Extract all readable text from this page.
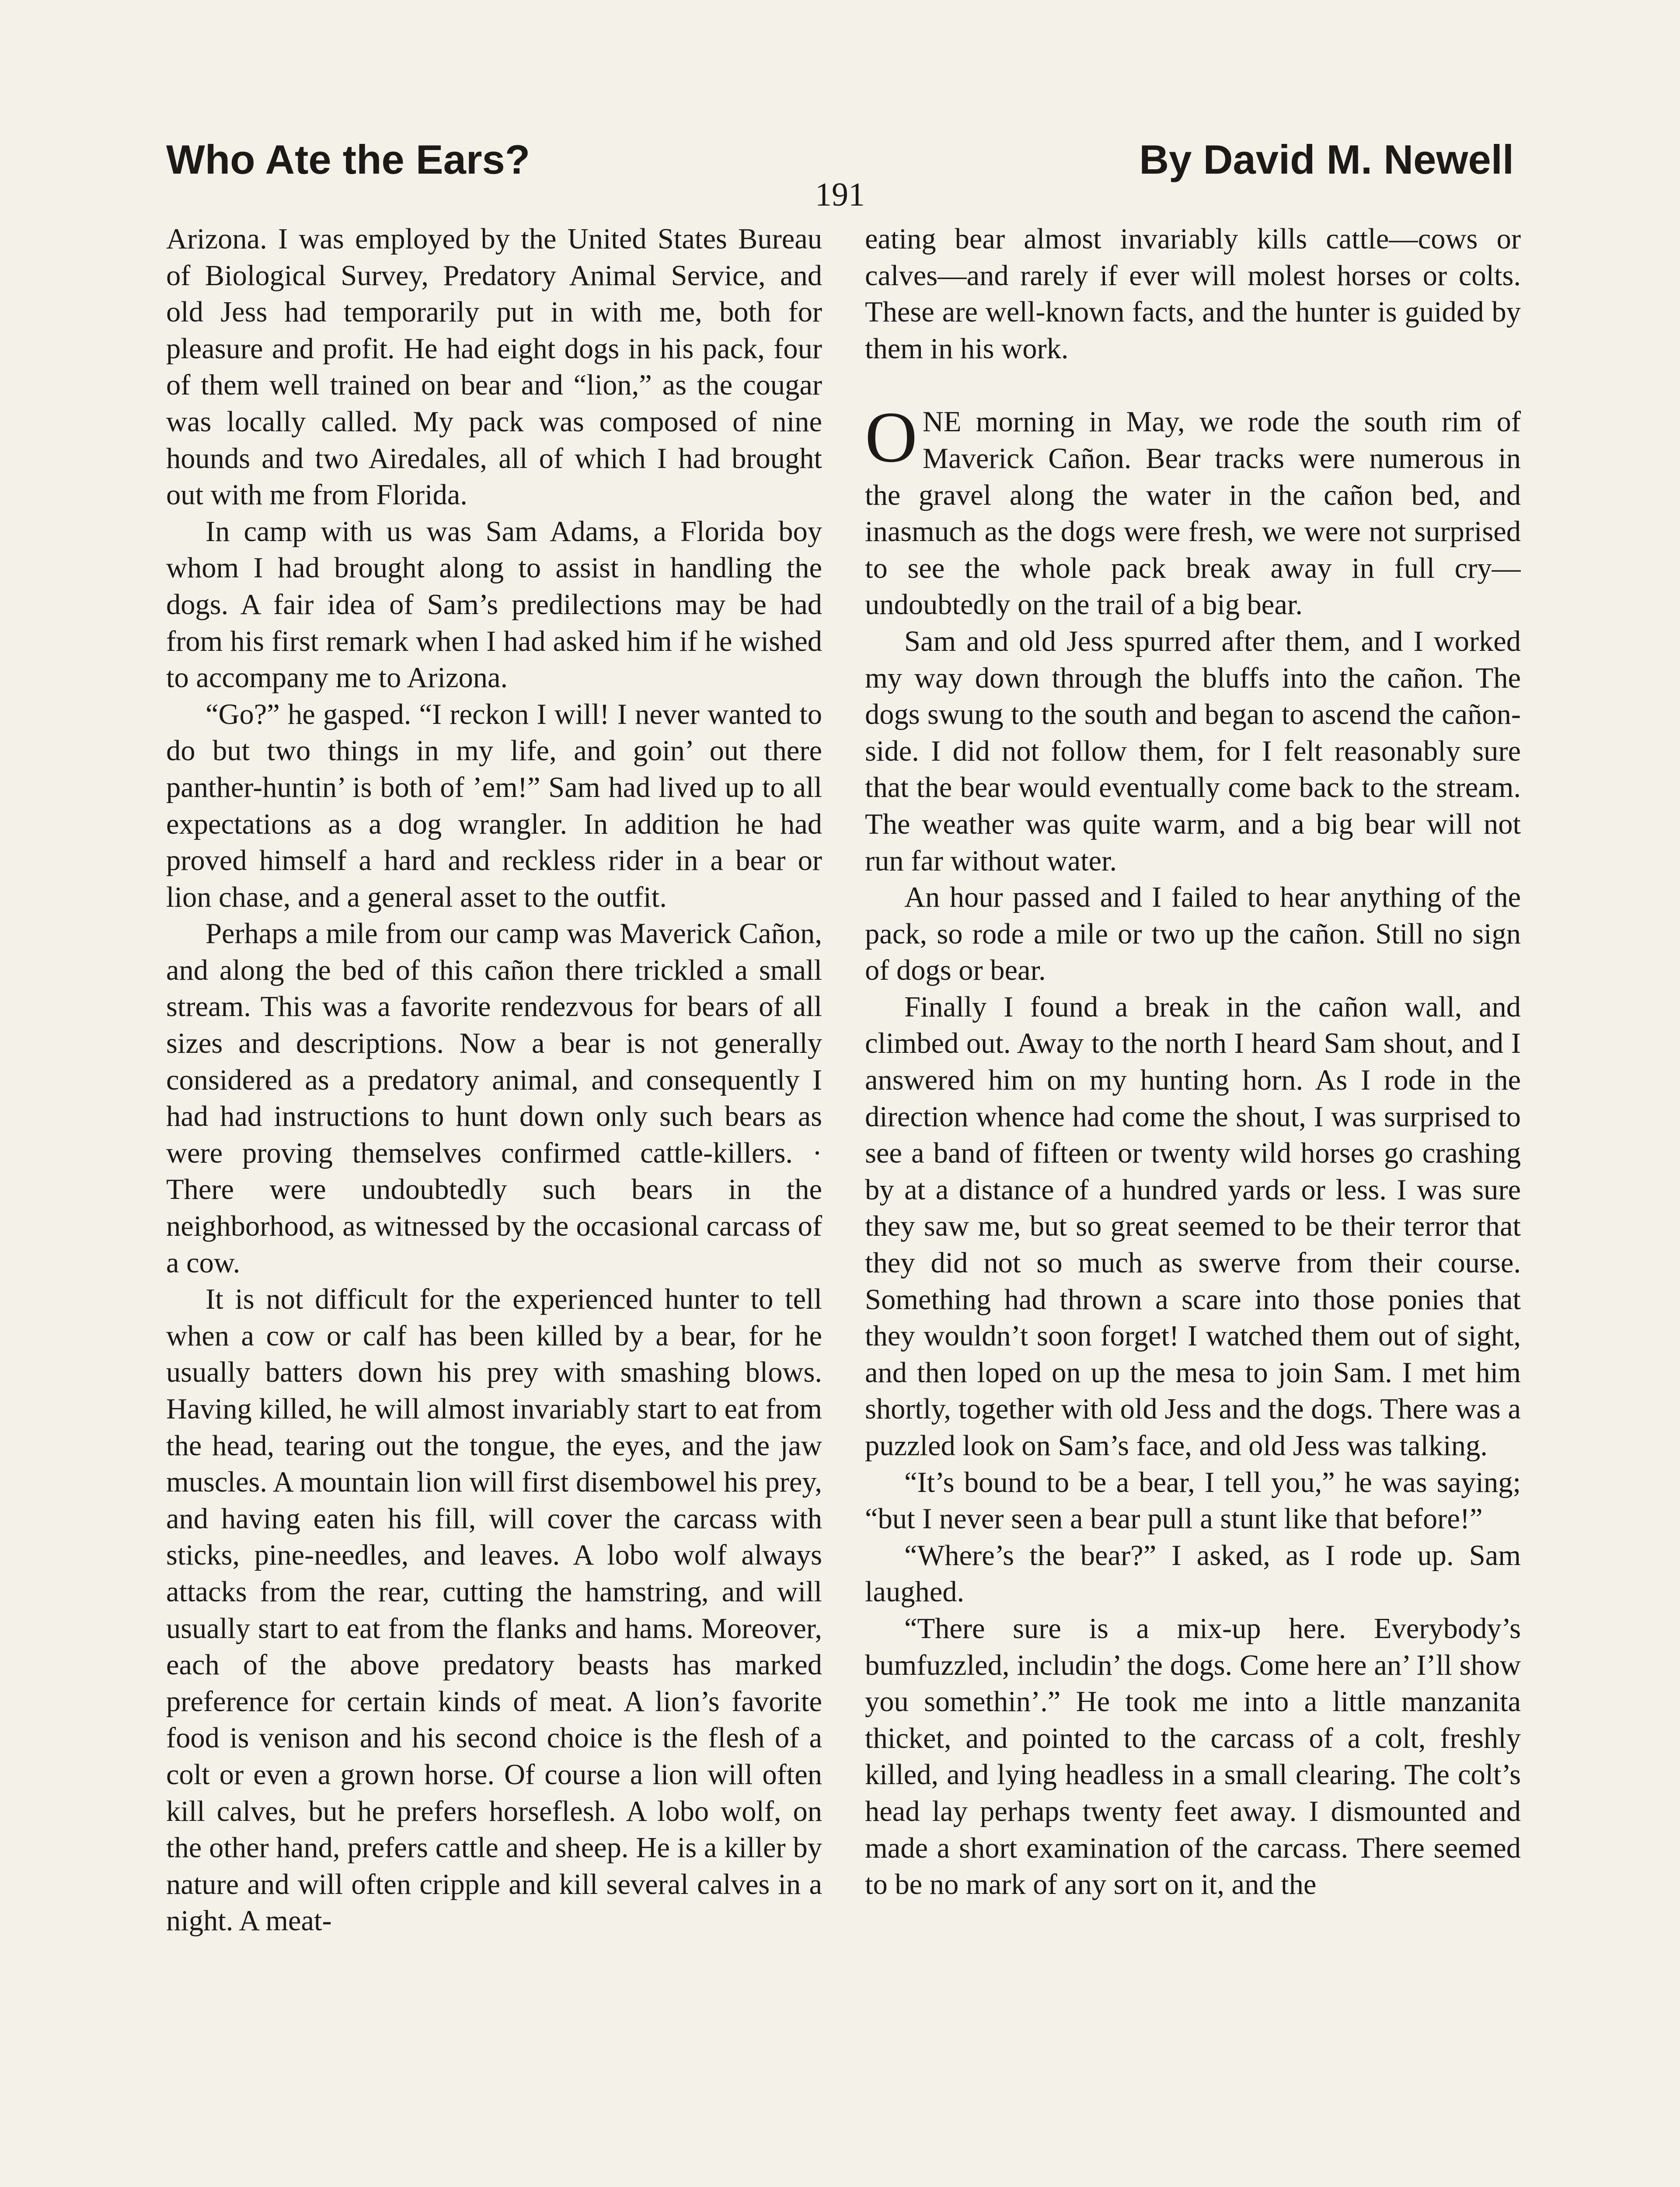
Who Ate the Ears?	By David M. Newell
191

Arizona. I was employed by the United States Bureau of Biological Survey, Predatory Animal Service, and old Jess had temporarily put in with me, both for pleasure and profit. He had eight dogs in his pack, four of them well trained on bear and “lion,” as the cougar was locally called. My pack was composed of nine hounds and two Airedales, all of which I had brought out with me from Florida.

In camp with us was Sam Adams, a Florida boy whom I had brought along to assist in handling the dogs. A fair idea of Sam’s predilections may be had from his first remark when I had asked him if he wished to accompany me to Arizona.

“Go?” he gasped. “I reckon I will! I never wanted to do but two things in my life, and goin’ out there panther-huntin’ is both of ’em!” Sam had lived up to all expectations as a dog wrangler. In addition he had proved himself a hard and reckless rider in a bear or lion chase, and a general asset to the outfit.

Perhaps a mile from our camp was Maverick Cañon, and along the bed of this cañon there trickled a small stream. This was a favorite rendezvous for bears of all sizes and descriptions. Now a bear is not generally considered as a predatory animal, and consequently I had had instructions to hunt down only such bears as were proving themselves confirmed cattle-killers. · There were undoubtedly such bears in the neighborhood, as witnessed by the occasional carcass of a cow.

It is not difficult for the experienced hunter to tell when a cow or calf has been killed by a bear, for he usually batters down his prey with smashing blows. Having killed, he will almost invariably start to eat from the head, tearing out the tongue, the eyes, and the jaw muscles. A mountain lion will first disembowel his prey, and having eaten his fill, will cover the carcass with sticks, pine-needles, and leaves. A lobo wolf always attacks from the rear, cutting the hamstring, and will usually start to eat from the flanks and hams. Moreover, each of the above predatory beasts has marked preference for certain kinds of meat. A lion’s favorite food is venison and his second choice is the flesh of a colt or even a grown horse. Of course a lion will often kill calves, but he prefers horseflesh. A lobo wolf, on the other hand, prefers cattle and sheep. He is a killer by nature and will often cripple and kill several calves in a night. A meat-

eating bear almost invariably kills cattle—cows or calves—and rarely if ever will molest horses or colts. These are well-known facts, and the hunter is guided by them in his work.

ONE morning in May, we rode the south rim of Maverick Cañon. Bear tracks were numerous in the gravel along the water in the cañon bed, and inasmuch as the dogs were fresh, we were not surprised to see the whole pack break away in full cry—undoubtedly on the trail of a big bear.

Sam and old Jess spurred after them, and I worked my way down through the bluffs into the cañon. The dogs swung to the south and began to ascend the cañon-side. I did not follow them, for I felt reasonably sure that the bear would eventually come back to the stream. The weather was quite warm, and a big bear will not run far without water.

An hour passed and I failed to hear anything of the pack, so rode a mile or two up the cañon. Still no sign of dogs or bear.

Finally I found a break in the cañon wall, and climbed out. Away to the north I heard Sam shout, and I answered him on my hunting horn. As I rode in the direction whence had come the shout, I was surprised to see a band of fifteen or twenty wild horses go crashing by at a distance of a hundred yards or less. I was sure they saw me, but so great seemed to be their terror that they did not so much as swerve from their course. Something had thrown a scare into those ponies that they wouldn’t soon forget! I watched them out of sight, and then loped on up the mesa to join Sam. I met him shortly, together with old Jess and the dogs. There was a puzzled look on Sam’s face, and old Jess was talking.

“It’s bound to be a bear, I tell you,” he was saying; “but I never seen a bear pull a stunt like that before!”

“Where’s the bear?” I asked, as I rode up. Sam laughed.

“There sure is a mix-up here. Everybody’s bumfuzzled, includin’ the dogs. Come here an’ I’ll show you somethin’.” He took me into a little manzanita thicket, and pointed to the carcass of a colt, freshly killed, and lying headless in a small clearing. The colt’s head lay perhaps twenty feet away. I dismounted and made a short examination of the carcass. There seemed to be no mark of any sort on it, and the
